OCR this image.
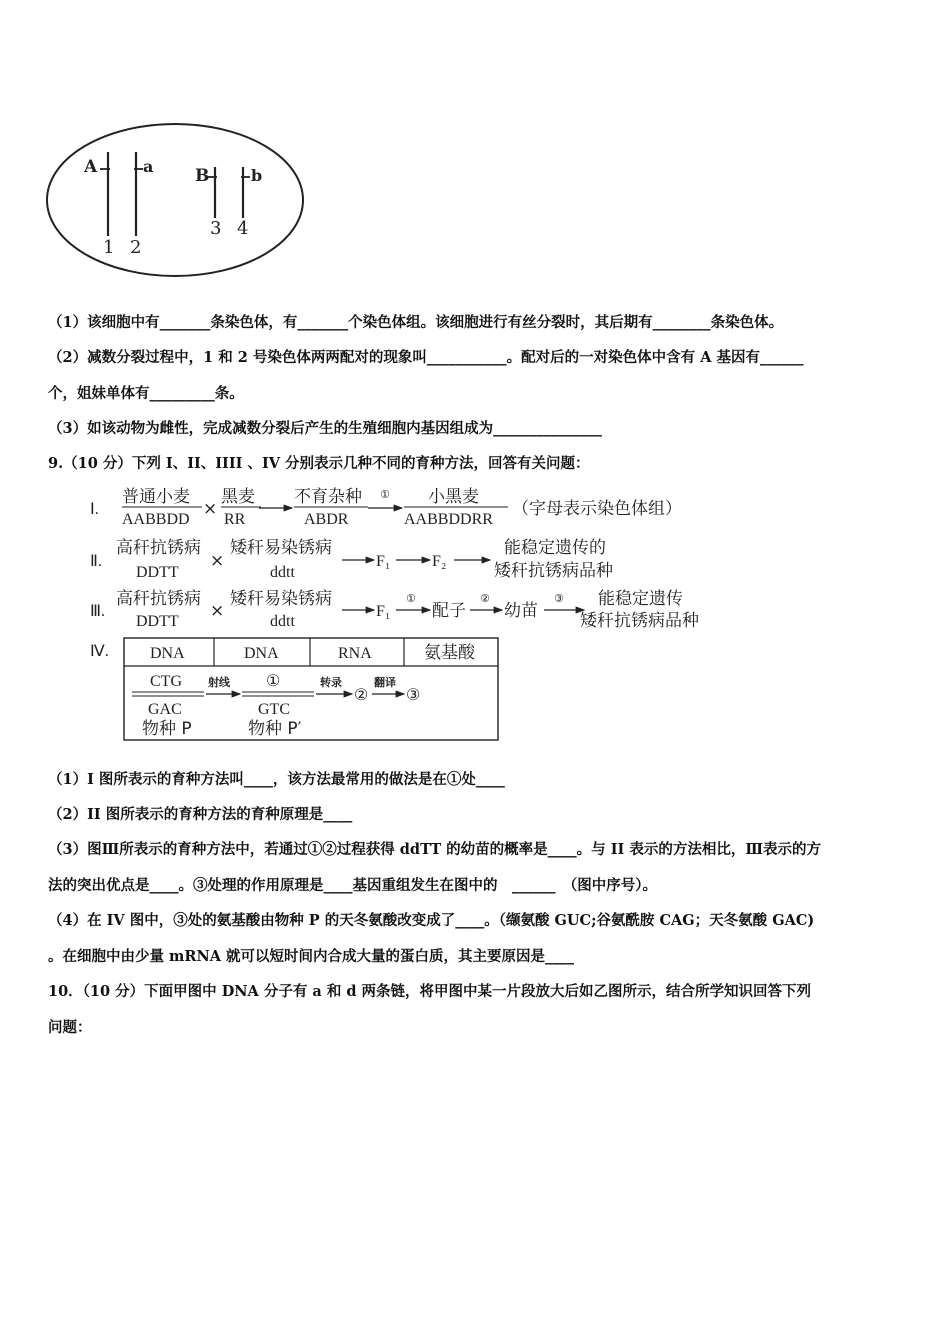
A	a B	b
1 2
3 4
（1）该细胞中有_______条染色体，有_______个染色体组。该细胞进行有丝分裂时，其后期有________条染色体。
（2）减数分裂过程中，1 和 2 号染色体两两配对的现象叫___________。配对后的一对染色体中含有 A 基因有______
个，姐妹单体有_________条。
（3）如该动物为雌性，完成减数分裂后产生的生殖细胞内基因组成为_______________
9.（10 分）下列 I、II、IIII 、IV 分别表示几种不同的育种方法，回答有关问题：
Ⅰ.
普通小麦
AABBDD
×
黑麦
RR
不育杂种
ABDR
① 小黑麦
AABBDDRR
（字母表示染色体组）
Ⅱ.
高秆抗锈病
DDTT
×
矮秆易染锈病
ddtt
F₁	F₂
能稳定遗传的
矮秆抗锈病品种
Ⅲ.
高秆抗锈病
DDTT
×
矮秆易染锈病
ddtt
F₁
①
配子
②
幼苗
③ 能稳定遗传
矮秆抗锈病品种
Ⅳ.	DNA	DNA	RNA	氨基酸
CTG
GAC
物种 P
射线 ①
GTC
物种 P′
转录
②
翻译
③
（1）I 图所表示的育种方法叫____，该方法最常用的做法是在①处____
（2）II 图所表示的育种方法的育种原理是____
（3）图Ⅲ所表示的育种方法中，若通过①②过程获得 ddTT 的幼苗的概率是____。与 II 表示的方法相比，Ⅲ表示的方
法的突出优点是____。③处理的作用原理是____基因重组发生在图中的　______　（图中序号）。
（4）在 IV 图中，③处的氨基酸由物种 P 的天冬氨酸改变成了____。（缬氨酸 GUC;谷氨酰胺 CAG；天冬氨酸 GAC)
。在细胞中由少量 mRNA 就可以短时间内合成大量的蛋白质，其主要原因是____
10．（10 分）下面甲图中 DNA 分子有 a 和 d 两条链，将甲图中某一片段放大后如乙图所示，结合所学知识回答下列
问题：
